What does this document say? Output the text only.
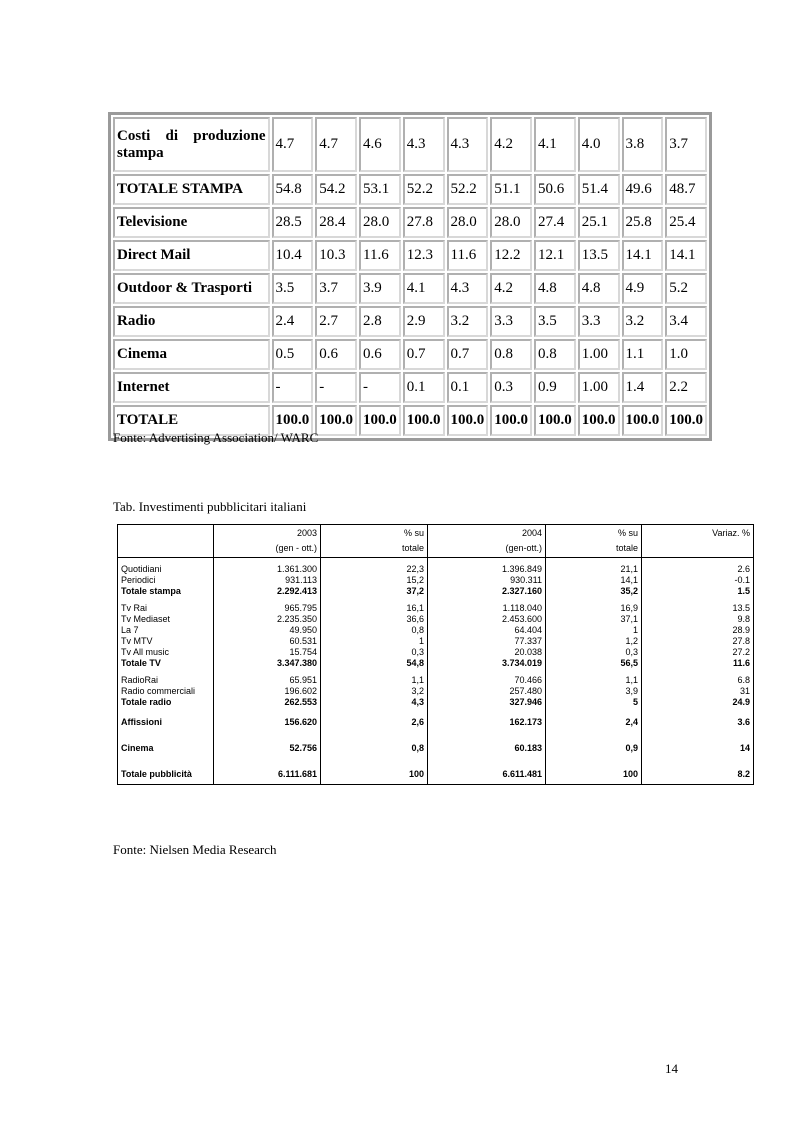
Costi di produzione
stampa	4.7	4.7	4.6	4.3	4.3	4.2	4.1	4.0	3.8	3.7
TOTALE STAMPA	54.8	54.2	53.1	52.2	52.2	51.1	50.6	51.4	49.6	48.7
Televisione	28.5	28.4	28.0	27.8	28.0	28.0	27.4	25.1	25.8	25.4
Direct Mail	10.4	10.3	11.6	12.3	11.6	12.2	12.1	13.5	14.1	14.1
Outdoor & Trasporti	3.5	3.7	3.9	4.1	4.3	4.2	4.8	4.8	4.9	5.2
Radio	2.4	2.7	2.8	2.9	3.2	3.3	3.5	3.3	3.2	3.4
Cinema	0.5	0.6	0.6	0.7	0.7	0.8	0.8	1.00	1.1	1.0
Internet	-	-	-	0.1	0.1	0.3	0.9	1.00	1.4	2.2
TOTALE	100.0	100.0	100.0	100.0	100.0	100.0	100.0	100.0	100.0	100.0
Fonte: Advertising Association/ WARC
Tab. Investimenti pubblicitari italiani
	2003	% su	2004	% su	Variaz. %
	(gen - ott.)	totale	(gen-ott.)	totale	
Quotidiani	1.361.300	22,3	1.396.849	21,1	2.6
Periodici	931.113	15,2	930.311	14,1	-0.1
Totale stampa	2.292.413	37,2	2.327.160	35,2	1.5
Tv Rai	965.795	16,1	1.118.040	16,9	13.5
Tv Mediaset	2.235.350	36,6	2.453.600	37,1	9.8
La 7	49.950	0,8	64.404	1	28.9
Tv MTV	60.531	1	77.337	1,2	27.8
Tv All music	15.754	0,3	20.038	0,3	27.2
Totale TV	3.347.380	54,8	3.734.019	56,5	11.6
RadioRai	65.951	1,1	70.466	1,1	6.8
Radio commerciali	196.602	3,2	257.480	3,9	31
Totale radio	262.553	4,3	327.946	5	24.9
Affissioni	156.620	2,6	162.173	2,4	3.6
Cinema	52.756	0,8	60.183	0,9	14
Totale pubblicità	6.111.681	100	6.611.481	100	8.2
Fonte: Nielsen Media Research
14
